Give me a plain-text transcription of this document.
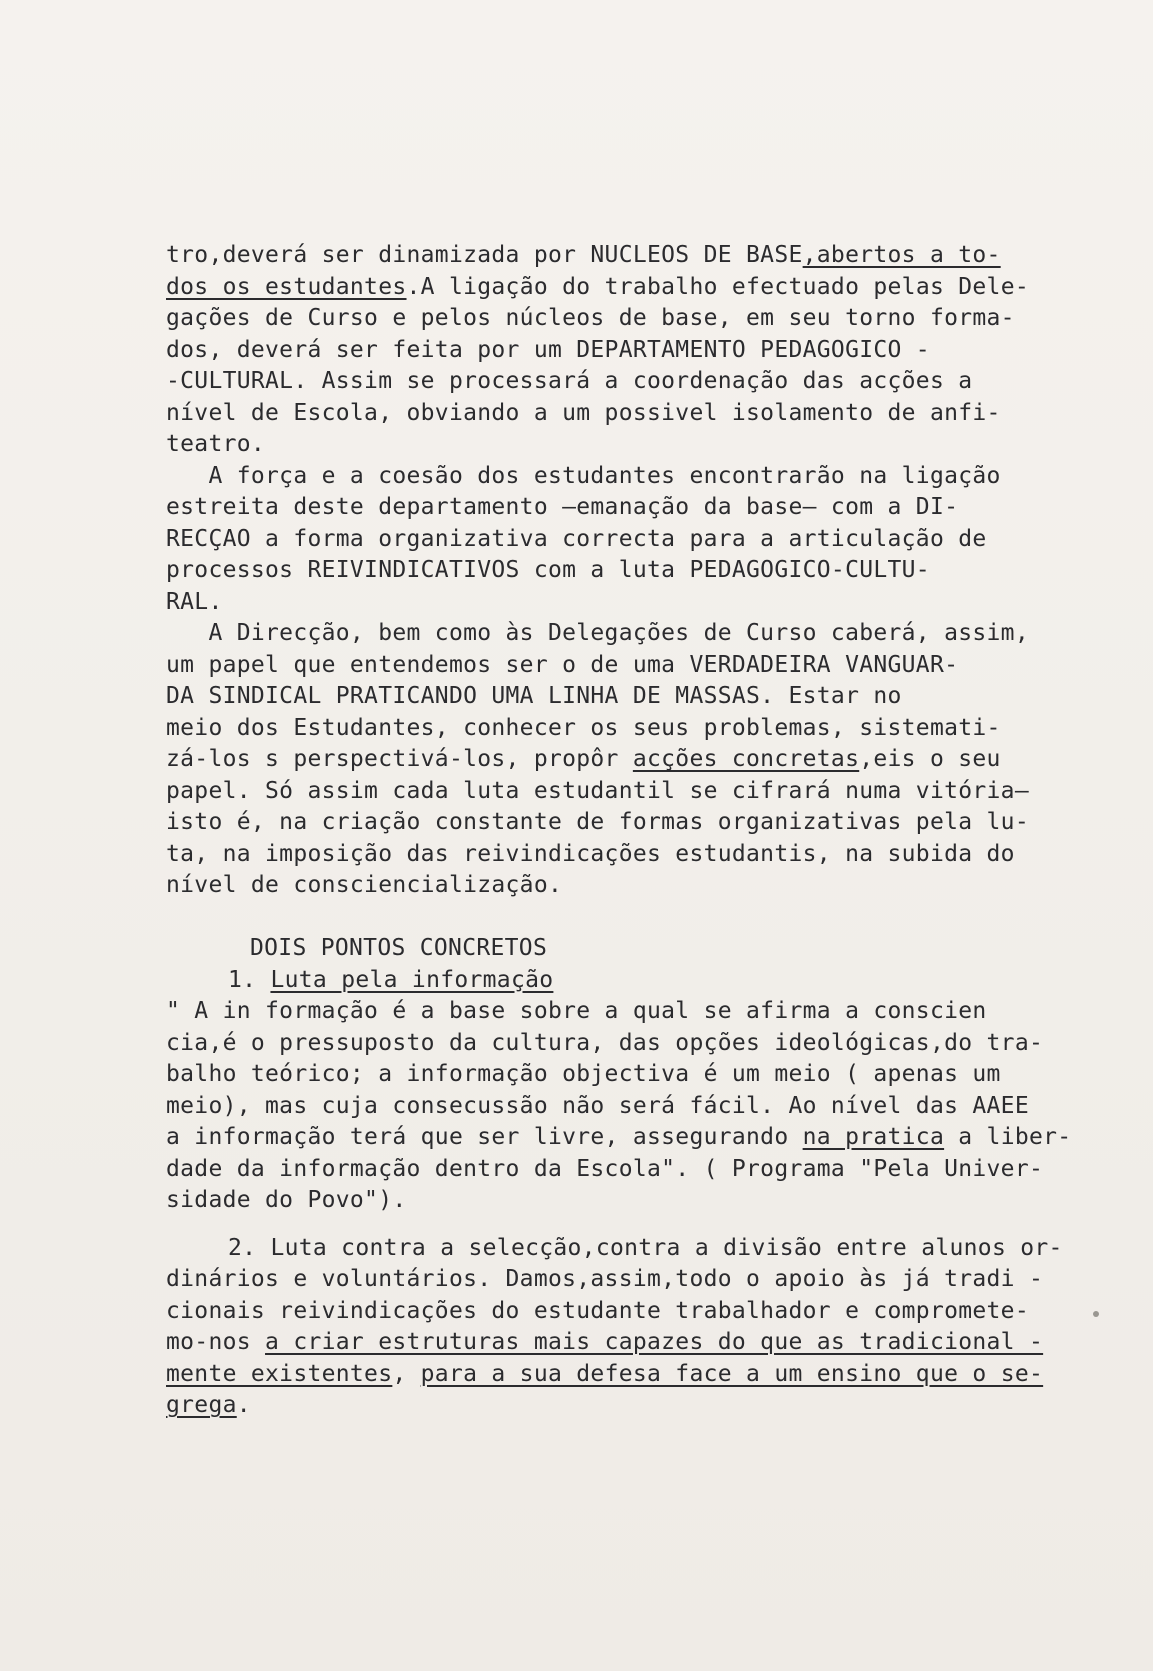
tro,deverá ser dinamizada por NUCLEOS DE BASE,abertos a to-
dos os estudantes.A ligação do trabalho efectuado pelas Dele-
gações de Curso e pelos núcleos de base, em seu torno forma-
dos, deverá ser feita por um DEPARTAMENTO PEDAGOGICO -
-CULTURAL. Assim se processará a coordenação das acções a
nível de Escola, obviando a um possivel isolamento de anfi-
teatro.
A força e a coesão dos estudantes encontrarão na ligação
estreita deste departamento —emanação da base— com a DI-
RECÇAO a forma organizativa correcta para a articulação de
processos REIVINDICATIVOS com a luta PEDAGOGICO-CULTU-
RAL.
A Direcção, bem como às Delegações de Curso caberá, assim,
um papel que entendemos ser o de uma VERDADEIRA VANGUAR-
DA SINDICAL PRATICANDO UMA LINHA DE MASSAS. Estar no
meio dos Estudantes, conhecer os seus problemas, sistemati-
zá-los s perspectivá-los, propôr acções concretas,eis o seu
papel. Só assim cada luta estudantil se cifrará numa vitória—
isto é, na criação constante de formas organizativas pela lu-
ta, na imposição das reivindicações estudantis, na subida do
nível de consciencialização.
DOIS PONTOS CONCRETOS
1. Luta pela informação
" A in formação é a base sobre a qual se afirma a conscien
cia,é o pressuposto da cultura, das opções ideológicas,do tra-
balho teórico; a informação objectiva é um meio ( apenas um
meio), mas cuja consecussão não será fácil. Ao nível das AAEE
a informação terá que ser livre, assegurando na pratica a liber-
dade da informação dentro da Escola". ( Programa "Pela Univer-
sidade do Povo").
2. Luta contra a selecção,contra a divisão entre alunos or-
dinários e voluntários. Damos,assim,todo o apoio às já tradi -
cionais reivindicações do estudante trabalhador e comprometе-
mo-nos a criar estruturas mais capazes do que as tradicional -
mente existentes, para a sua defesa face a um ensino que o se-
grega.
